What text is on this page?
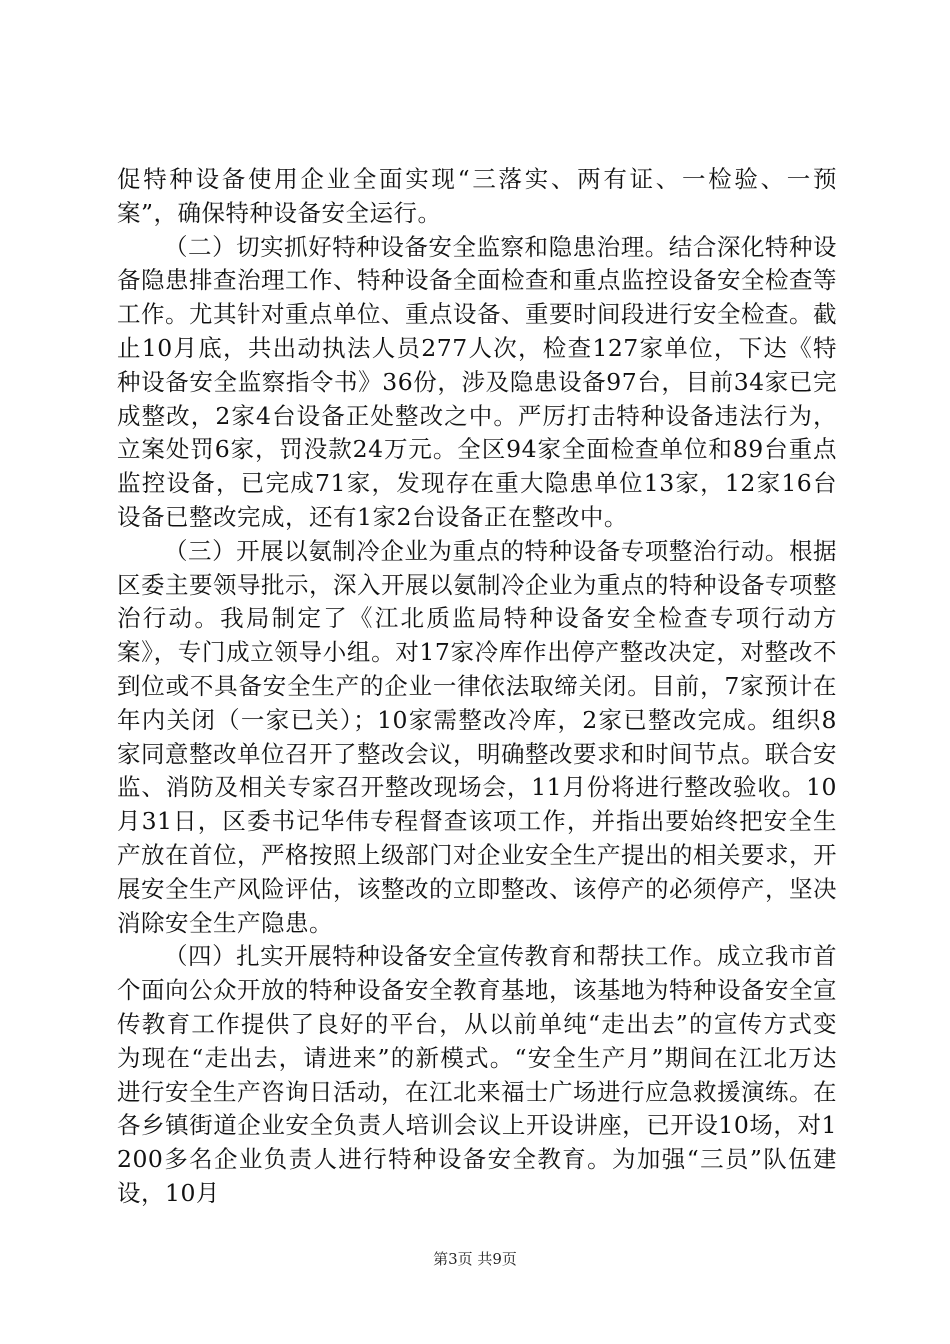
促特种设备使用企业全面实现“三落实、两有证、一检验、一预案”，确保特种设备安全运行。

（二）切实抓好特种设备安全监察和隐患治理。结合深化特种设备隐患排查治理工作、特种设备全面检查和重点监控设备安全检查等工作。尤其针对重点单位、重点设备、重要时间段进行安全检查。截止10月底，共出动执法人员277人次，检查127家单位，下达《特种设备安全监察指令书》36份，涉及隐患设备97台，目前34家已完成整改，2家4台设备正处整改之中。严厉打击特种设备违法行为，立案处罚6家，罚没款24万元。全区94家全面检查单位和89台重点监控设备，已完成71家，发现存在重大隐患单位13家，12家16台设备已整改完成，还有1家2台设备正在整改中。

（三）开展以氨制冷企业为重点的特种设备专项整治行动。根据区委主要领导批示，深入开展以氨制冷企业为重点的特种设备专项整治行动。我局制定了《江北质监局特种设备安全检查专项行动方案》，专门成立领导小组。对17家冷库作出停产整改决定，对整改不到位或不具备安全生产的企业一律依法取缔关闭。目前，7家预计在年内关闭（一家已关）；10家需整改冷库，2家已整改完成。组织8家同意整改单位召开了整改会议，明确整改要求和时间节点。联合安监、消防及相关专家召开整改现场会，11月份将进行整改验收。10月31日，区委书记华伟专程督查该项工作，并指出要始终把安全生产放在首位，严格按照上级部门对企业安全生产提出的相关要求，开展安全生产风险评估，该整改的立即整改、该停产的必须停产，坚决消除安全生产隐患。

（四）扎实开展特种设备安全宣传教育和帮扶工作。成立我市首个面向公众开放的特种设备安全教育基地，该基地为特种设备安全宣传教育工作提供了良好的平台，从以前单纯“走出去”的宣传方式变为现在“走出去，请进来”的新模式。“安全生产月”期间在江北万达进行安全生产咨询日活动，在江北来福士广场进行应急救援演练。在各乡镇街道企业安全负责人培训会议上开设讲座，已开设10场，对1200多名企业负责人进行特种设备安全教育。为加强“三员”队伍建设，10月

第3页 共9页
